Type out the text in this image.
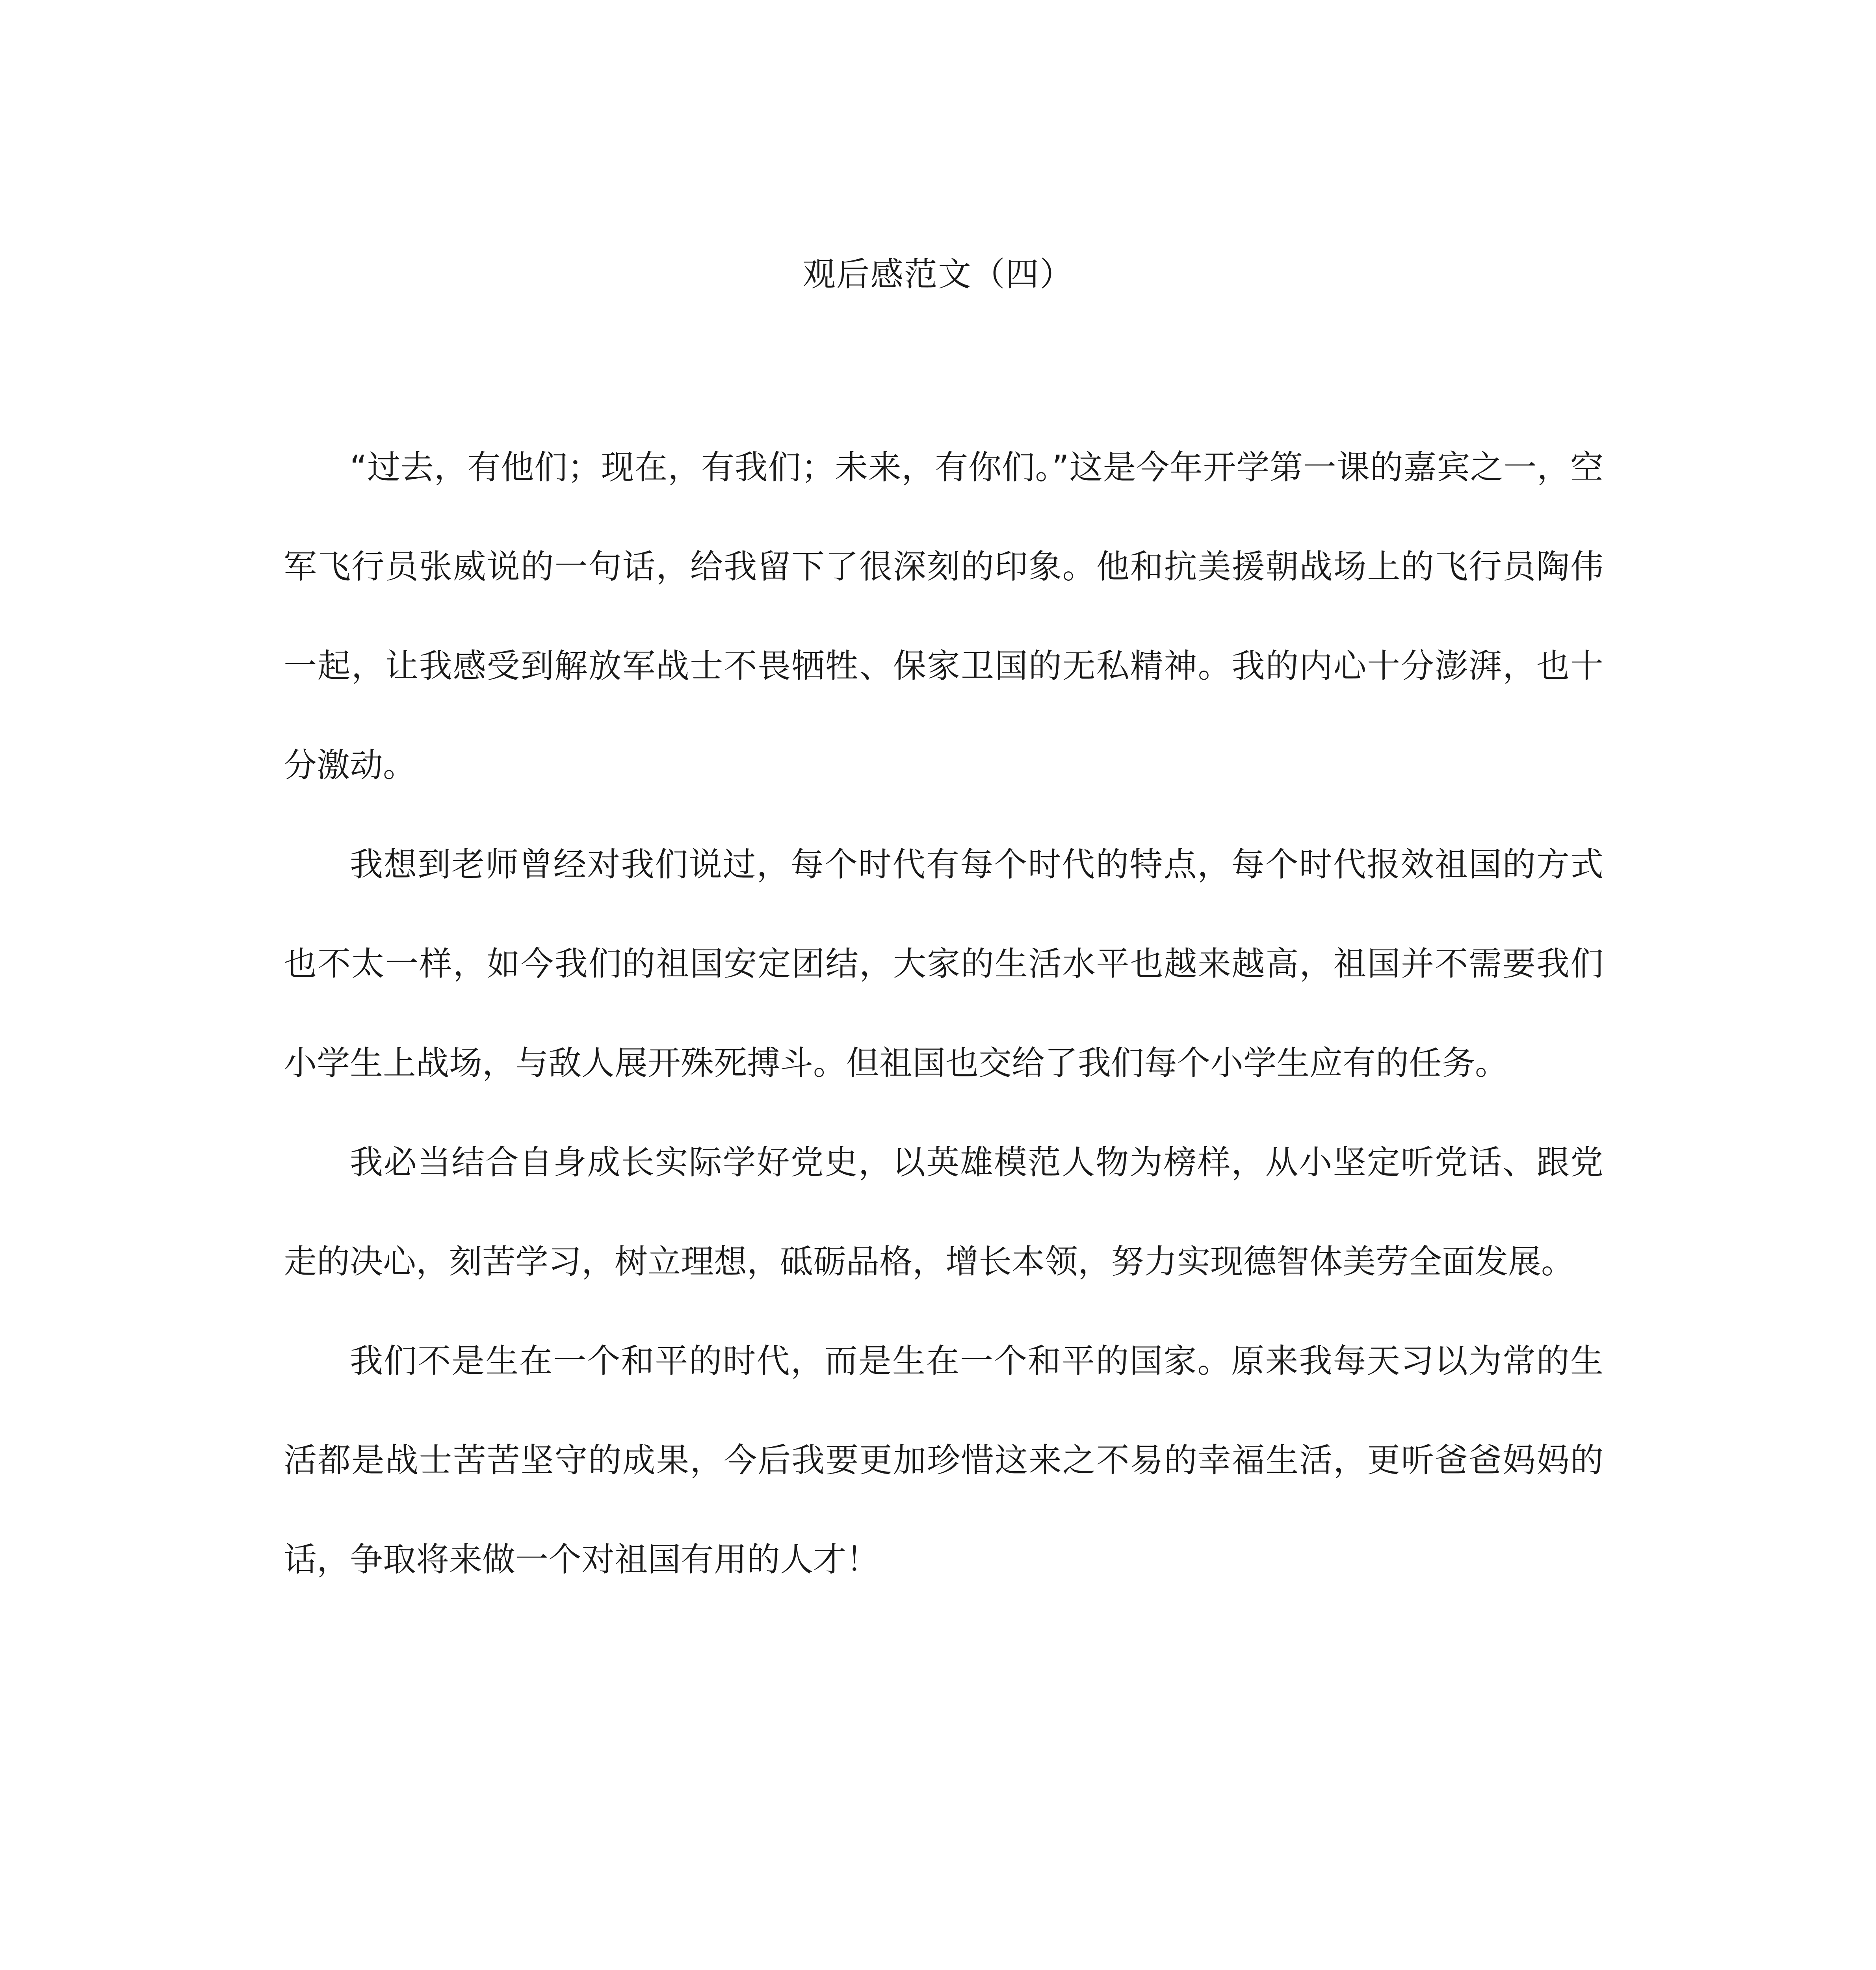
观后感范文（四）

“过去，有他们；现在，有我们；未来，有你们。”这是今年开学第一课的嘉宾之一，空军飞行员张威说的一句话，给我留下了很深刻的印象。他和抗美援朝战场上的飞行员陶伟一起，让我感受到解放军战士不畏牺牲、保家卫国的无私精神。我的内心十分澎湃，也十分激动。

我想到老师曾经对我们说过，每个时代有每个时代的特点，每个时代报效祖国的方式也不太一样，如今我们的祖国安定团结，大家的生活水平也越来越高，祖国并不需要我们小学生上战场，与敌人展开殊死搏斗。但祖国也交给了我们每个小学生应有的任务。

我必当结合自身成长实际学好党史，以英雄模范人物为榜样，从小坚定听党话、跟党走的决心，刻苦学习，树立理想，砥砺品格，增长本领，努力实现德智体美劳全面发展。

我们不是生在一个和平的时代，而是生在一个和平的国家。原来我每天习以为常的生活都是战士苦苦坚守的成果，今后我要更加珍惜这来之不易的幸福生活，更听爸爸妈妈的话，争取将来做一个对祖国有用的人才！
